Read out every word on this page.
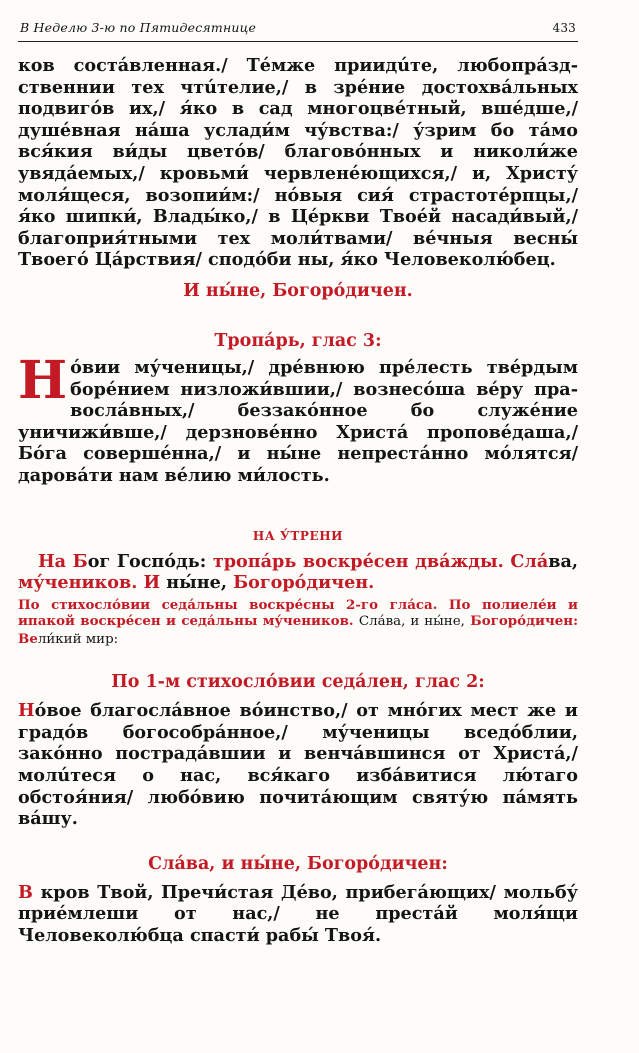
В Неделю 3-ю по Пятидесятнице	433

ков состáвленная./ Тéмже приидúте, любопрáздственнии тех чтúтелие,/ в зрéние достохвáльных подвигóв их,/ я́ко в сад многоцвéтный, вшéдше,/ душéвная нáша услади́м чу́вства:/ у́зрим бо тáмо вся́кия ви́ды цветóв/ благовóнных и николи́же увядáемых,/ кровьми́ червленéющихся,/ и, Христу́ моля́щеся, возопии́м:/ нóвыя сия́ страстотéрпцы,/ я́ко шипки́, Влады́ко,/ в Цéркви Твоéй насади́вый,/ благоприя́тными тех моли́твами/ вéчныя весны́ Твоегó Цáрствия/ сподóби ны, я́ко Человеколю́бец.

И ны́не, Богорóдичен.

Тропáрь, глас 3:

Нóвии му́ченицы,/ дрéвнюю прéлесть твéрдым борéнием низложи́вшии,/ вознесóша вéру правослáвных,/ беззакóнное бо служéние уничижи́вше,/ дерзновéнно Христá проповéдаша,/ Бóга совершéнна,/ и ны́не непрестáнно мóлятся/ даровáти нам вéлию ми́лость.

НА У́ТРЕНИ

На Бог Госпóдь: тропáрь воскрéсен двáжды. Слáва, му́чеников. И ны́не, Богорóдичен.

По стихосло́вии седа́льны воскре́сны 2-го гла́са. По полиеле́и и ипакой воскре́сен и седа́льны му́чеников. Сла́ва, и ны́не, Богоро́дичен: Вели́кий мир:

По 1-м стихосло́вии седа́лен, глас 2:

Нóвое благослáвное вóинство,/ от мнóгих мест же и градóв богособрáнное,/ му́ченицы вседóблии, закóнно пострадáвшии и венчáвшинся от Христá,/ молúтеся о нас, вся́каго избáвитися лю́таго обстоя́ния/ любóвию почитáющим святу́ю пáмять вáшу.

Слáва, и ны́не, Богорóдичен:

В кров Твой, Пречи́стая Дéво, прибегáющих/ мольбу́ приéмлеши от нас,/ не престáй моля́щи Человеколю́бца спасти́ рабы́ Твоя́.
